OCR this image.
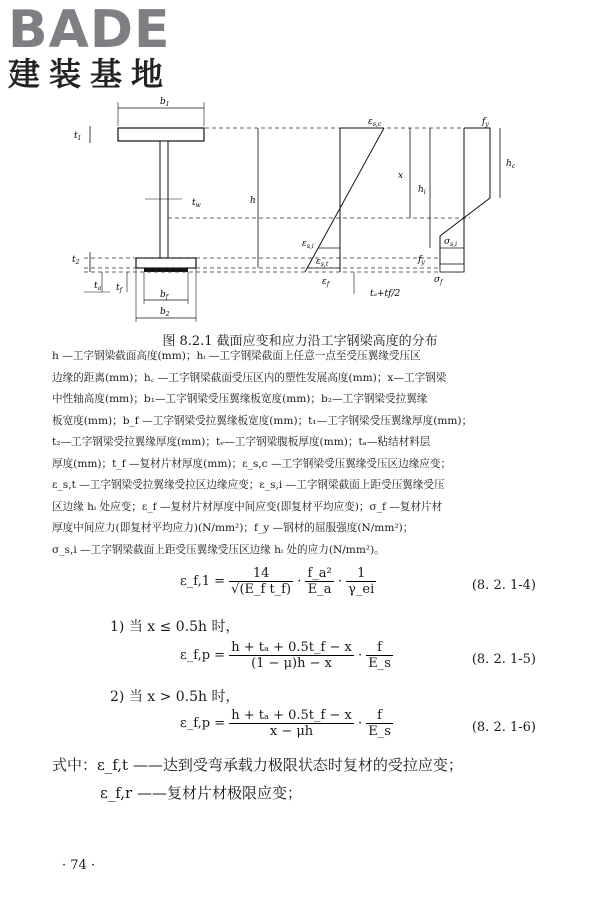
BADE
建装基地
$b_1$
$t_1$
$t_w$	h
$t_2$
$t_a$ $t_f$	$b_f$
$b_2$
$\varepsilon_{s,c}$
$\varepsilon_{s,i}$
$\varepsilon_{s,t}$
$\varepsilon_f$
x
$h_i$
$f_y$
$h_c$
$\sigma_{s,i}$
$f_y$
$\sigma_f$
tₐ+tf/2
图 8.2.1 截面应变和应力沿工字钢梁高度的分布
h —工字钢梁截面高度(mm)；hᵢ —工字钢梁截面上任意一点至受压翼缘受压区
边缘的距离(mm)；h꜀ —工字钢梁截面受压区内的塑性发展高度(mm)；x—工字钢梁
中性轴高度(mm)；b₁—工字钢梁受压翼缘板宽度(mm)；b₂—工字钢梁受拉翼缘
板宽度(mm)；b_f —工字钢梁受拉翼缘板宽度(mm)；t₁—工字钢梁受压翼缘厚度(mm)；
t₂—工字钢梁受拉翼缘厚度(mm)；tᵥ—工字钢梁腹板厚度(mm)；tₐ—粘结材料层
厚度(mm)；t_f —复材片材厚度(mm)；ε_s,c —工字钢梁受压翼缘受压区边缘应变；
ε_s,t —工字钢梁受拉翼缘受拉区边缘应变；ε_s,i —工字钢梁截面上距受压翼缘受压
区边缘 hᵢ 处应变；ε_f —复材片材厚度中间应变(即复材平均应变)；σ_f —复材片材
厚度中间应力(即复材平均应力)(N/mm²)；f_y —钢材的屈服强度(N/mm²)；
σ_s,i —工字钢梁截面上距受压翼缘受压区边缘 hᵢ 处的应力(N/mm²)。
ε_f,1 = $\frac{14}{\text{√(E\_f t\_f)}} \cdot \frac{\text{f\_a²}}{E\_a} \cdot \frac{1}{\gamma\_ei}$	(8. 2. 1-4)
1) 当 x ≤ 0.5h 时，
ε_f,p = $\frac{\text{h + tₐ + 0.5t\_f − x}}{(1 - \mu)h - x} \cdot \frac{f}{E\_s}$	(8. 2. 1-5)
2) 当 x > 0.5h 时，
ε_f,p = $\frac{\text{h + tₐ + 0.5t\_f − x}}{x - \mu h} \cdot \frac{f}{E\_s}$	(8. 2. 1-6)
式中：ε_f,t ——达到受弯承载力极限状态时复材的受拉应变；
ε_f,r ——复材片材极限应变；
· 74 ·
